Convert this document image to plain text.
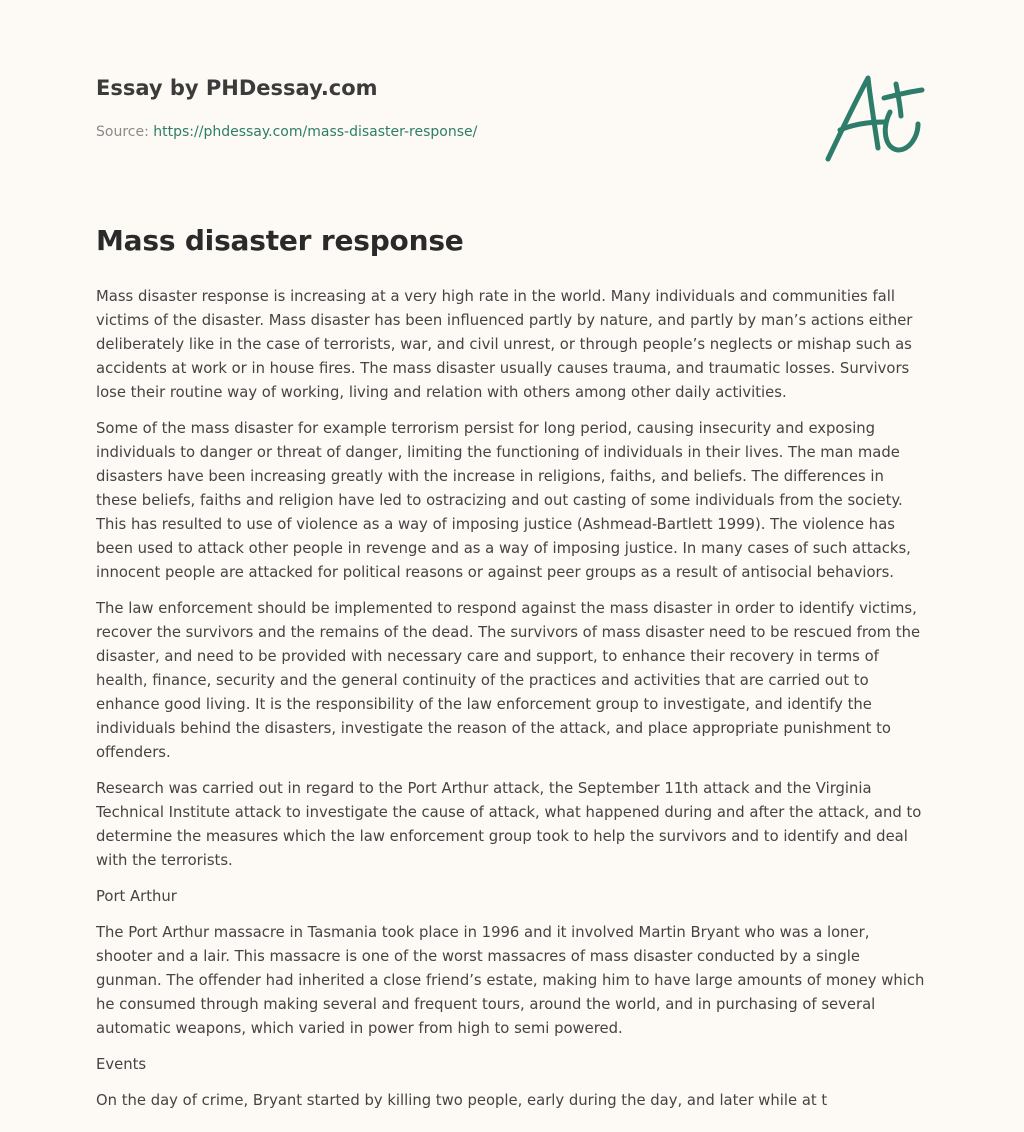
Essay by PHDessay.com

Source: https://phdessay.com/mass-disaster-response/

Mass disaster response

Mass disaster response is increasing at a very high rate in the world. Many individuals and communities fall victims of the disaster. Mass disaster has been influenced partly by nature, and partly by man’s actions either deliberately like in the case of terrorists, war, and civil unrest, or through people’s neglects or mishap such as accidents at work or in house fires. The mass disaster usually causes trauma, and traumatic losses. Survivors lose their routine way of working, living and relation with others among other daily activities.

Some of the mass disaster for example terrorism persist for long period, causing insecurity and exposing individuals to danger or threat of danger, limiting the functioning of individuals in their lives. The man made disasters have been increasing greatly with the increase in religions, faiths, and beliefs. The differences in these beliefs, faiths and religion have led to ostracizing and out casting of some individuals from the society. This has resulted to use of violence as a way of imposing justice (Ashmead-Bartlett 1999). The violence has been used to attack other people in revenge and as a way of imposing justice. In many cases of such attacks, innocent people are attacked for political reasons or against peer groups as a result of antisocial behaviors.

The law enforcement should be implemented to respond against the mass disaster in order to identify victims, recover the survivors and the remains of the dead. The survivors of mass disaster need to be rescued from the disaster, and need to be provided with necessary care and support, to enhance their recovery in terms of health, finance, security and the general continuity of the practices and activities that are carried out to enhance good living. It is the responsibility of the law enforcement group to investigate, and identify the individuals behind the disasters, investigate the reason of the attack, and place appropriate punishment to offenders.

Research was carried out in regard to the Port Arthur attack, the September 11th attack and the Virginia Technical Institute attack to investigate the cause of attack, what happened during and after the attack, and to determine the measures which the law enforcement group took to help the survivors and to identify and deal with the terrorists.

Port Arthur

The Port Arthur massacre in Tasmania took place in 1996 and it involved Martin Bryant who was a loner, shooter and a lair. This massacre is one of the worst massacres of mass disaster conducted by a single gunman. The offender had inherited a close friend’s estate, making him to have large amounts of money which he consumed through making several and frequent tours, around the world, and in purchasing of several automatic weapons, which varied in power from high to semi powered.

Events

On the day of crime, Bryant started by killing two people, early during the day, and later while at t
